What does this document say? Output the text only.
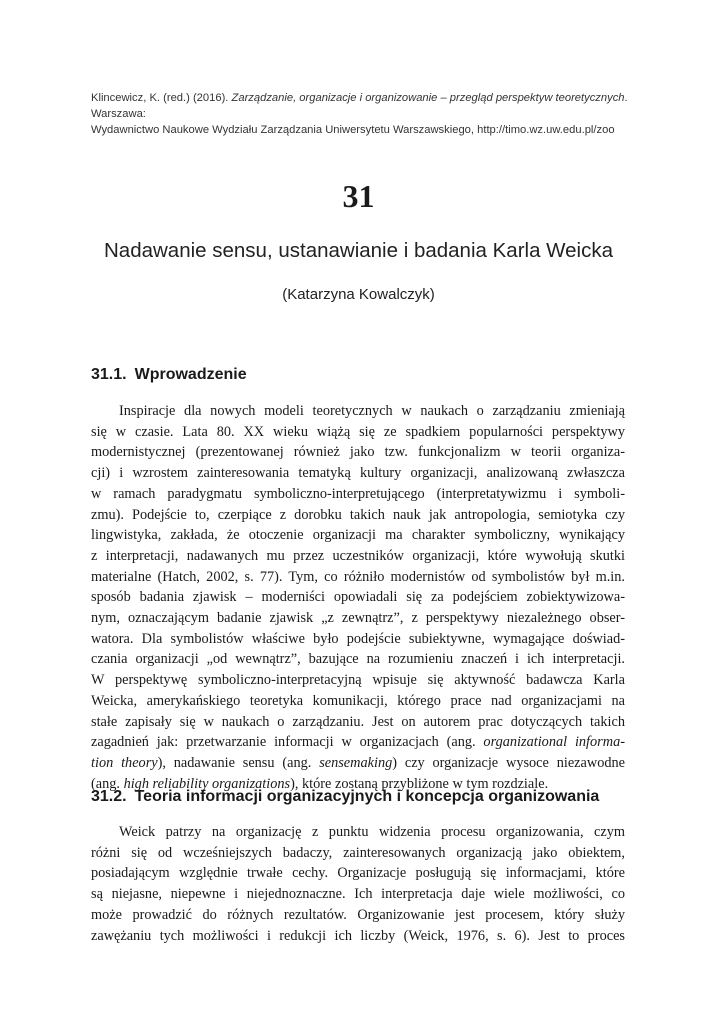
Klincewicz, K. (red.) (2016). Zarządzanie, organizacje i organizowanie – przegląd perspektyw teoretycznych. Warszawa:
Wydawnictwo Naukowe Wydziału Zarządzania Uniwersytetu Warszawskiego, http://timo.wz.uw.edu.pl/zoo
31
Nadawanie sensu, ustanawianie i badania Karla Weicka
(Katarzyna Kowalczyk)
31.1. Wprowadzenie
Inspiracje dla nowych modeli teoretycznych w naukach o zarządzaniu zmieniają
się w czasie. Lata 80. XX wieku wiążą się ze spadkiem popularności perspektywy
modernistycznej (prezentowanej również jako tzw. funkcjonalizm w teorii organiza-
cji) i wzrostem zainteresowania tematyką kultury organizacji, analizowaną zwłaszcza
w ramach paradygmatu symboliczno-interpretującego (interpretatywizmu i symboli-
zmu). Podejście to, czerpiące z dorobku takich nauk jak antropologia, semiotyka czy
lingwistyka, zakłada, że otoczenie organizacji ma charakter symboliczny, wynikający
z interpretacji, nadawanych mu przez uczestników organizacji, które wywołują skutki
materialne (Hatch, 2002, s. 77). Tym, co różniło modernistów od symbolistów był m.in.
sposób badania zjawisk – moderniści opowiadali się za podejściem zobiektywizowa-
nym, oznaczającym badanie zjawisk „z zewnątrz”, z perspektywy niezależnego obser-
watora. Dla symbolistów właściwe było podejście subiektywne, wymagające doświad-
czania organizacji „od wewnątrz”, bazujące na rozumieniu znaczeń i ich interpretacji.
W perspektywę symboliczno-interpretacyjną wpisuje się aktywność badawcza Karla
Weicka, amerykańskiego teoretyka komunikacji, którego prace nad organizacjami na
stałe zapisały się w naukach o zarządzaniu. Jest on autorem prac dotyczących takich
zagadnień jak: przetwarzanie informacji w organizacjach (ang. organizational informa-
tion theory), nadawanie sensu (ang. sensemaking) czy organizacje wysoce niezawodne
(ang. high reliability organizations), które zostaną przybliżone w tym rozdziale.
31.2. Teoria informacji organizacyjnych i koncepcja organizowania
Weick patrzy na organizację z punktu widzenia procesu organizowania, czym
różni się od wcześniejszych badaczy, zainteresowanych organizacją jako obiektem,
posiadającym względnie trwałe cechy. Organizacje posługują się informacjami, które
są niejasne, niepewne i niejednoznaczne. Ich interpretacja daje wiele możliwości, co
może prowadzić do różnych rezultatów. Organizowanie jest procesem, który służy
zawężaniu tych możliwości i redukcji ich liczby (Weick, 1976, s. 6). Jest to proces
